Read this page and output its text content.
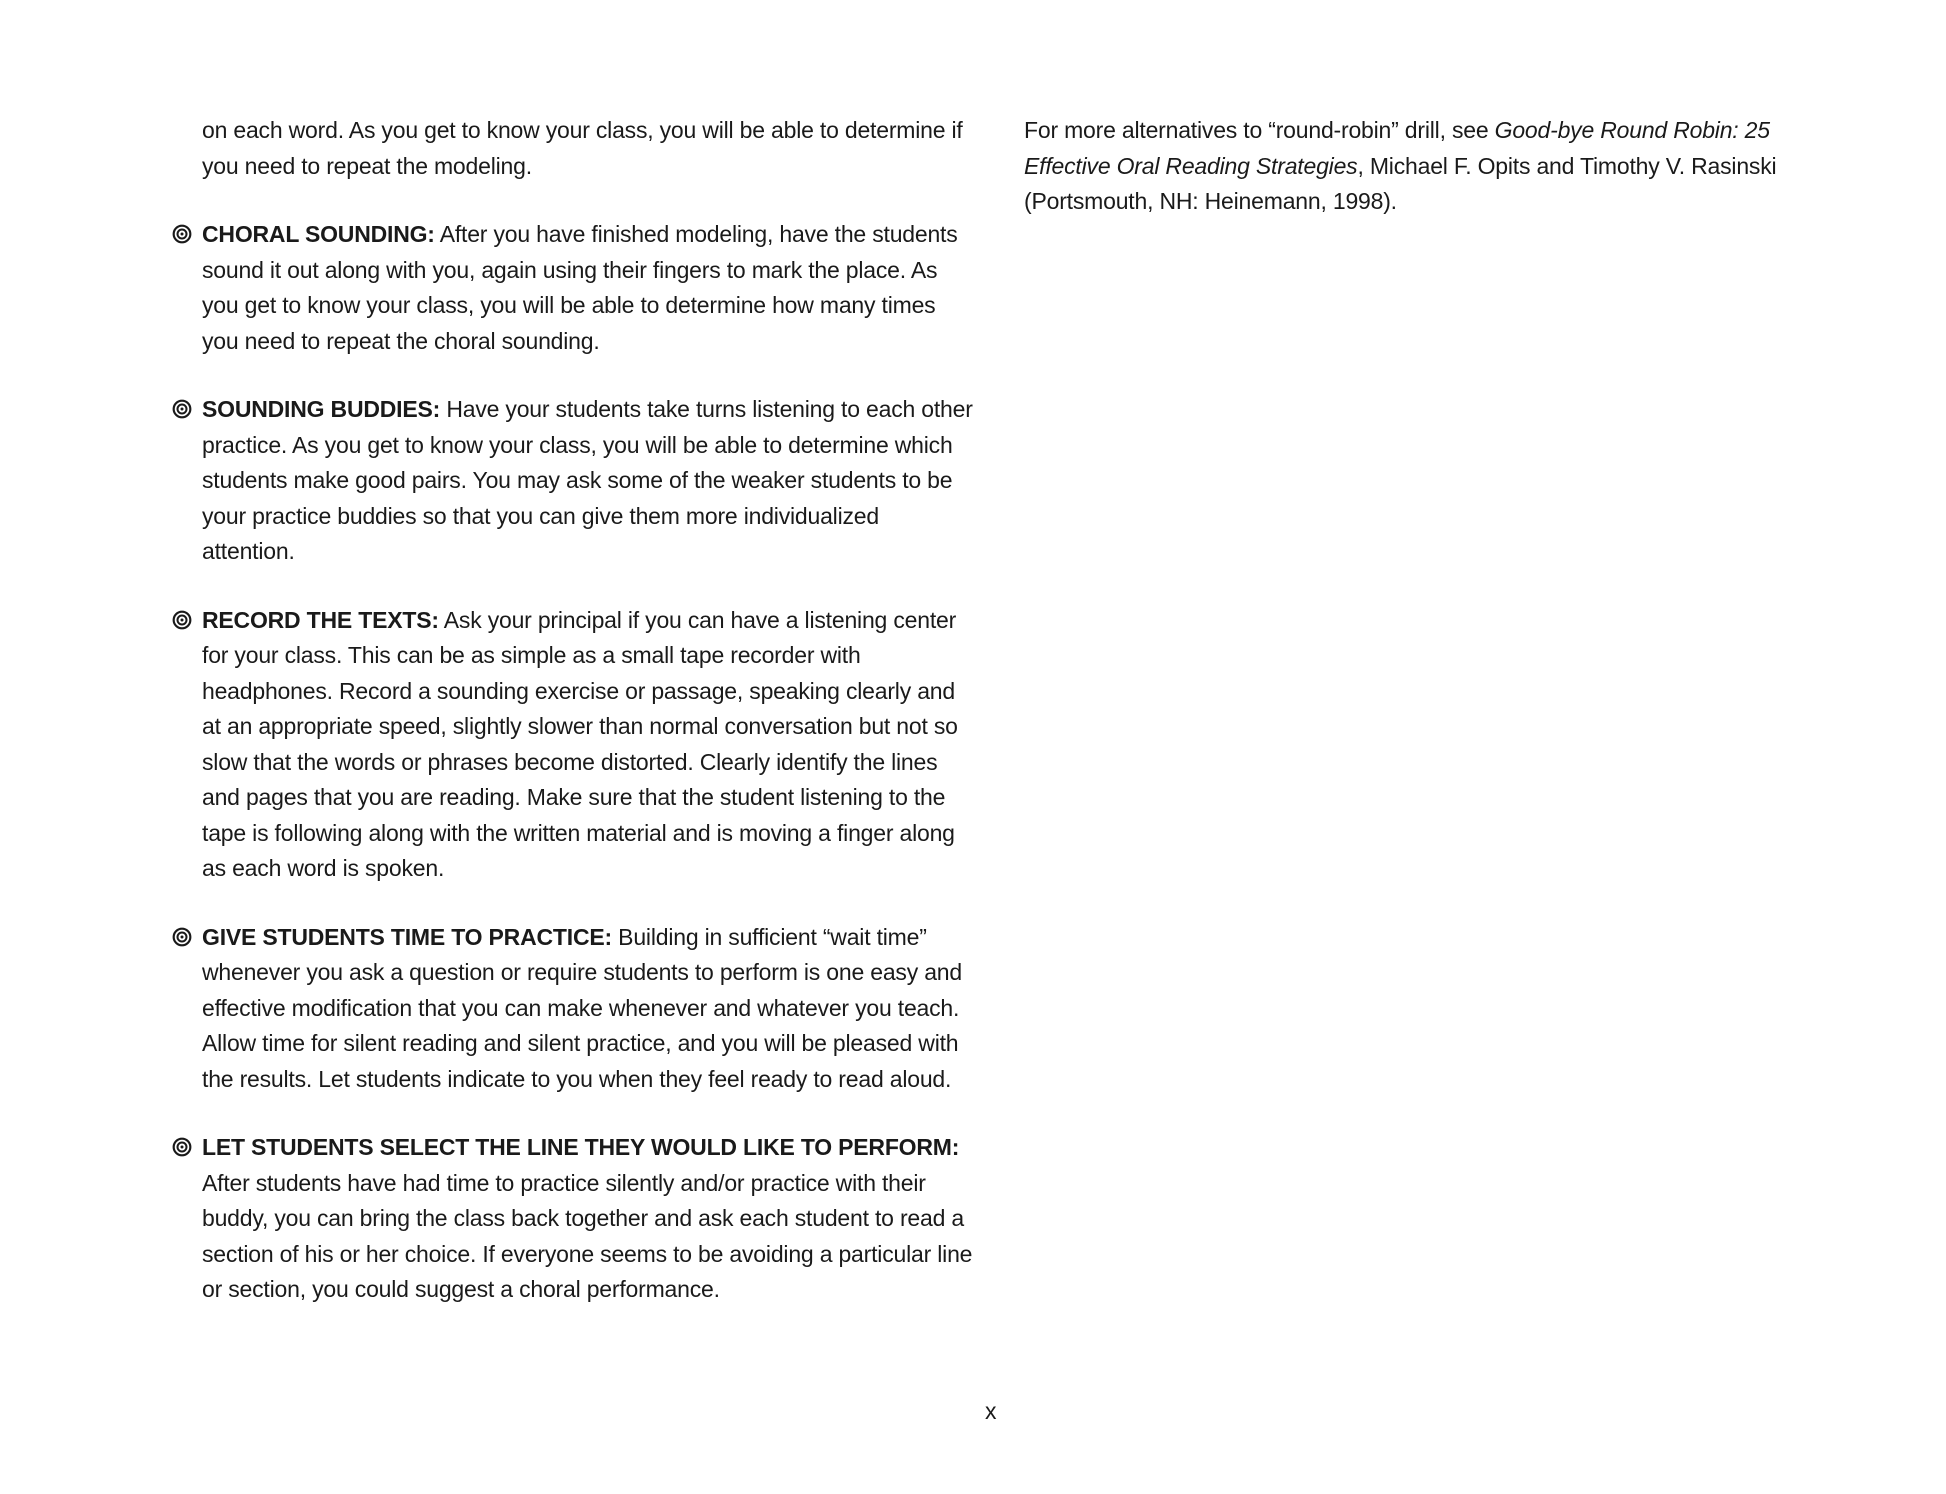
on each word. As you get to know your class, you will be able to determine if you need to repeat the modeling.

CHORAL SOUNDING: After you have finished modeling, have the students sound it out along with you, again using their fingers to mark the place. As you get to know your class, you will be able to determine how many times you need to repeat the choral sounding.

SOUNDING BUDDIES: Have your students take turns listening to each other practice. As you get to know your class, you will be able to determine which students make good pairs. You may ask some of the weaker students to be your practice buddies so that you can give them more individualized attention.

RECORD THE TEXTS: Ask your principal if you can have a listening center for your class. This can be as simple as a small tape recorder with headphones. Record a sounding exercise or passage, speaking clearly and at an appropriate speed, slightly slower than normal conversation but not so slow that the words or phrases become distorted. Clearly identify the lines and pages that you are reading. Make sure that the student listening to the tape is following along with the written material and is moving a finger along as each word is spoken.

GIVE STUDENTS TIME TO PRACTICE: Building in sufficient “wait time” whenever you ask a question or require students to perform is one easy and effective modification that you can make whenever and whatever you teach. Allow time for silent reading and silent practice, and you will be pleased with the results. Let students indicate to you when they feel ready to read aloud.

LET STUDENTS SELECT THE LINE THEY WOULD LIKE TO PERFORM: After students have had time to practice silently and/or practice with their buddy, you can bring the class back together and ask each student to read a section of his or her choice. If everyone seems to be avoiding a particular line or section, you could suggest a choral performance.

For more alternatives to “round-robin” drill, see Good-bye Round Robin: 25 Effective Oral Reading Strategies, Michael F. Opits and Timothy V. Rasinski (Portsmouth, NH: Heinemann, 1998).

x
